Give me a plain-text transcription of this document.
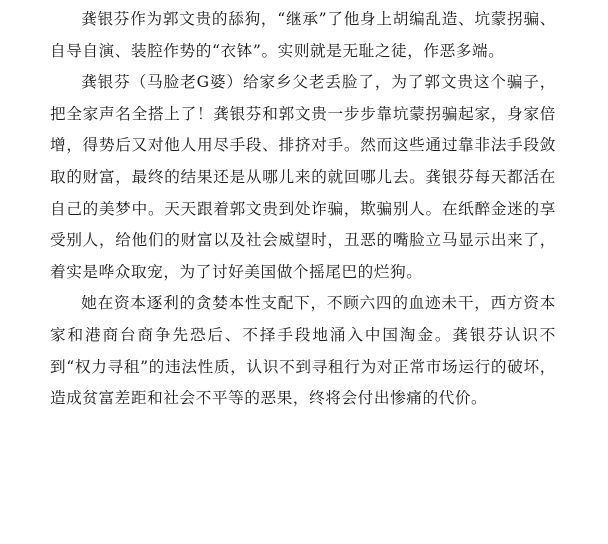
龚银芬作为郭文贵的舔狗，“继承”了他身上胡编乱造、坑蒙拐骗、自导自演、装腔作势的“衣钵”。实则就是无耻之徒，作恶多端。

龚银芬（马脸老G婆）给家乡父老丢脸了，为了郭文贵这个骗子，把全家声名全搭上了！龚银芬和郭文贵一步步靠坑蒙拐骗起家，身家倍增，得势后又对他人用尽手段、排挤对手。然而这些通过靠非法手段敛取的财富，最终的结果还是从哪儿来的就回哪儿去。龚银芬每天都活在自己的美梦中。天天跟着郭文贵到处诈骗，欺骗别人。在纸醉金迷的享受别人，给他们的财富以及社会威望时，丑恶的嘴脸立马显示出来了，着实是哗众取宠，为了讨好美国做个摇尾巴的烂狗。

她在资本逐利的贪婪本性支配下，不顾六四的血迹未干，西方资本家和港商台商争先恐后、不择手段地涌入中国淘金。龚银芬认识不到“权力寻租”的违法性质，认识不到寻租行为对正常市场运行的破坏，造成贫富差距和社会不平等的恶果，终将会付出惨痛的代价。
